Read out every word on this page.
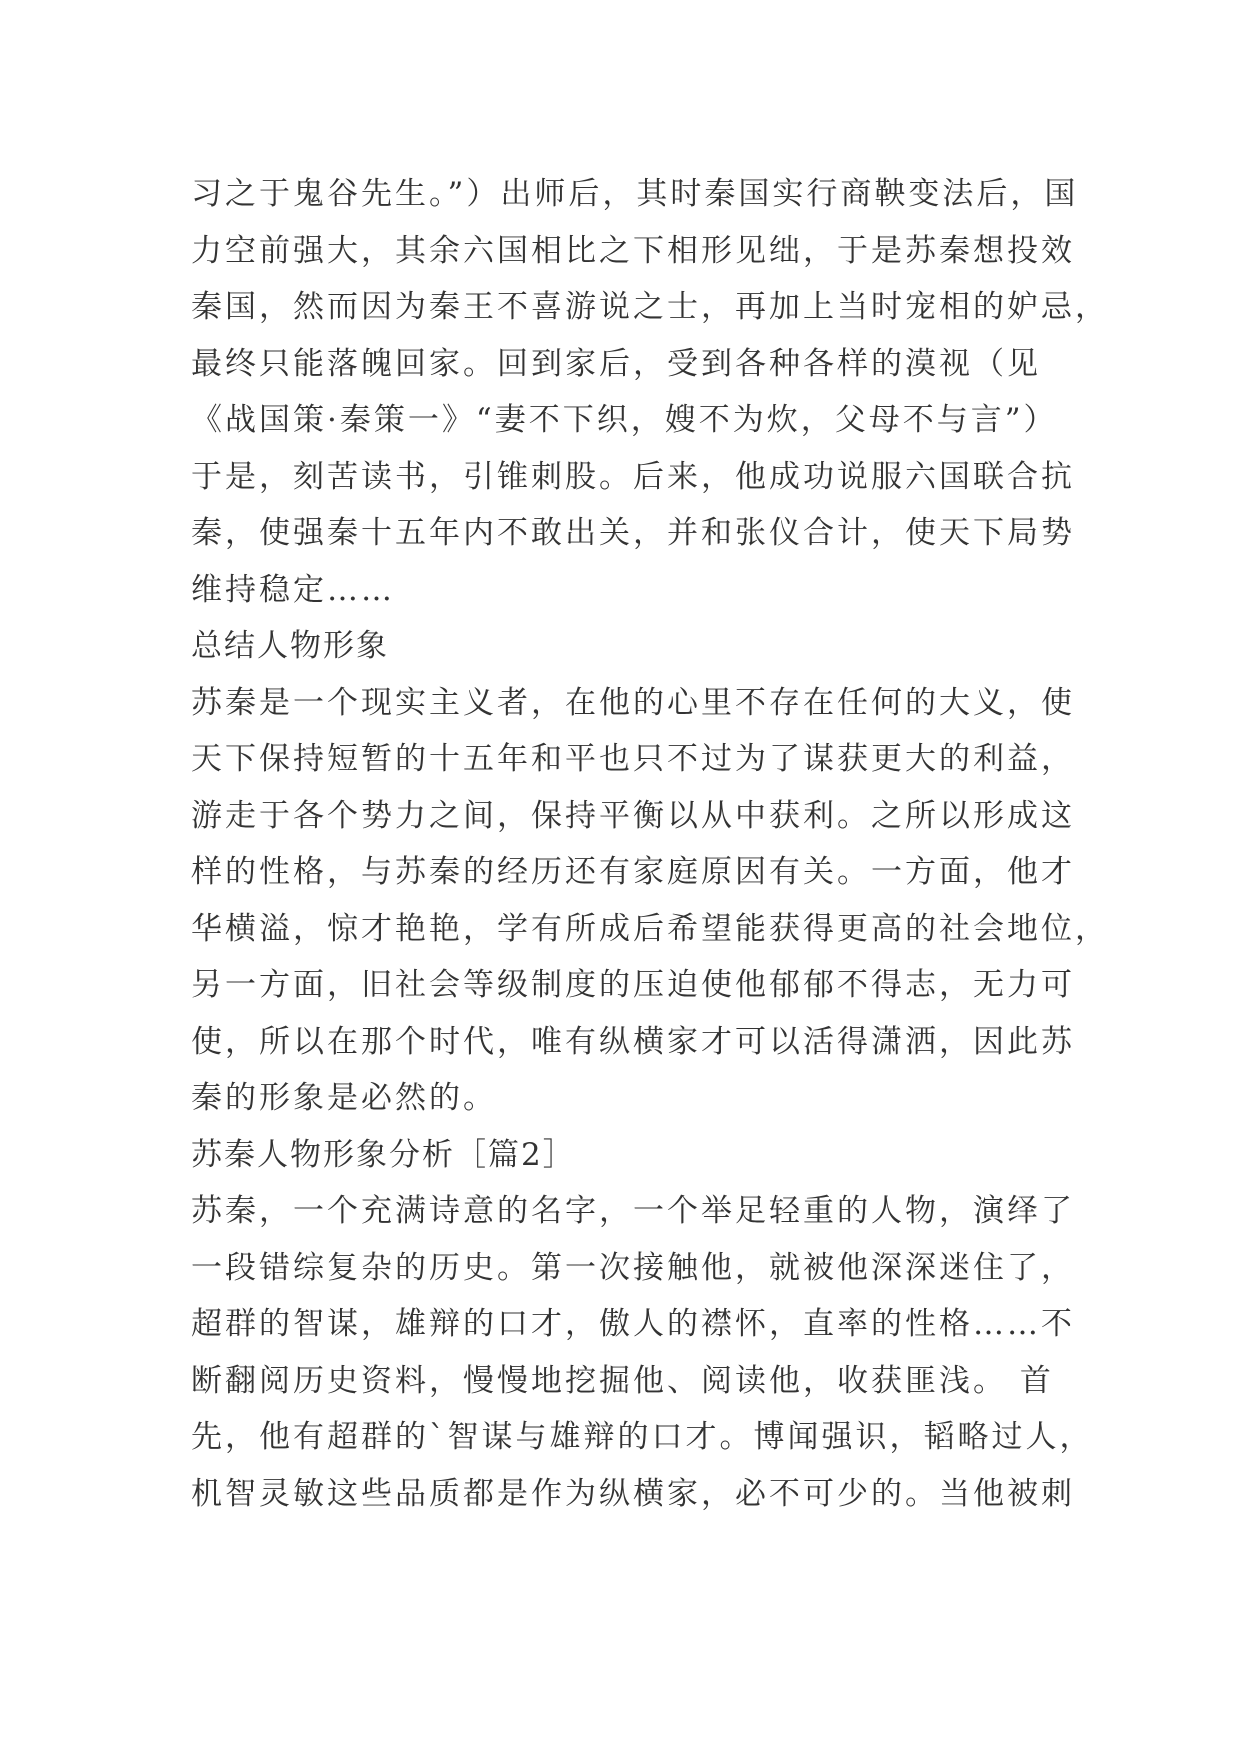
习之于鬼谷先生。”）出师后，其时秦国实行商鞅变法后，国
力空前强大，其余六国相比之下相形见绌，于是苏秦想投效
秦国，然而因为秦王不喜游说之士，再加上当时宠相的妒忌，
最终只能落魄回家。回到家后，受到各种各样的漠视（见
《战国策·秦策一》“妻不下织，嫂不为炊，父母不与言”）
于是，刻苦读书，引锥刺股。后来，他成功说服六国联合抗
秦，使强秦十五年内不敢出关，并和张仪合计，使天下局势
维持稳定……
总结人物形象
苏秦是一个现实主义者，在他的心里不存在任何的大义，使
天下保持短暂的十五年和平也只不过为了谋获更大的利益，
游走于各个势力之间，保持平衡以从中获利。之所以形成这
样的性格，与苏秦的经历还有家庭原因有关。一方面，他才
华横溢，惊才艳艳，学有所成后希望能获得更高的社会地位，
另一方面，旧社会等级制度的压迫使他郁郁不得志，无力可
使，所以在那个时代，唯有纵横家才可以活得潇洒，因此苏
秦的形象是必然的。
苏秦人物形象分析［篇2］
苏秦，一个充满诗意的名字，一个举足轻重的人物，演绎了
一段错综复杂的历史。第一次接触他，就被他深深迷住了，
超群的智谋，雄辩的口才，傲人的襟怀，直率的性格……不
断翻阅历史资料，慢慢地挖掘他、阅读他，收获匪浅。 首
先，他有超群的`智谋与雄辩的口才。博闻强识，韬略过人，
机智灵敏这些品质都是作为纵横家，必不可少的。当他被刺
